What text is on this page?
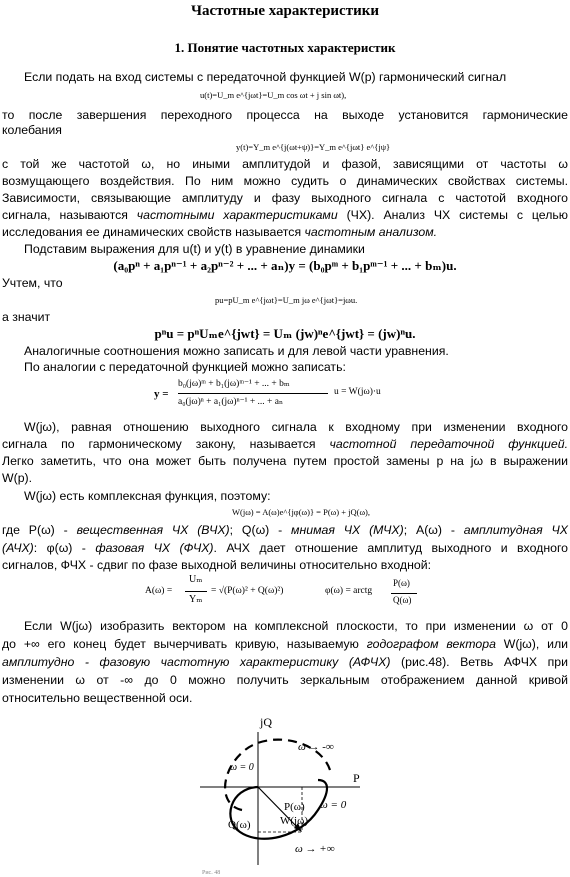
Частотные характеристики
1. Понятие частотных характеристик
Если подать на вход системы с передаточной функцией W(p) гармонический сигнал
u(t)=U_m e^{jωt}=U_m cos ωt + j sin ωt),
то после завершения переходного процесса на выходе установится гармонические
колебания
y(t)=Y_m e^{j(ωt+ψ)}=Y_m e^{jωt} e^{jψ}
с той же частотой ω, но иными амплитудой и фазой, зависящими от частоты ω
возмущающего воздействия. По ним можно судить о динамических свойствах системы.
Зависимости, связывающие амплитуду и фазу выходного сигнала с частотой входного
сигнала, называются частотными характеристиками (ЧХ). Анализ ЧХ системы с целью
исследования ее динамических свойств называется частотным анализом.
Подставим выражения для u(t) и y(t) в уравнение динамики
(a₀pⁿ + a₁pⁿ⁻¹ + a₂pⁿ⁻² + ... + aₙ)y = (b₀pᵐ + b₁pᵐ⁻¹ + ... + bₘ)u.
Учтем, что
pu=pU_m e^{jωt}=U_m jω e^{jωt}=jωu.
а значит
pⁿu = pⁿUₘe^{jwt} = Uₘ (jw)ⁿe^{jwt} = (jw)ⁿu.
Аналогичные соотношения можно записать и для левой части уравнения.
По аналогии с передаточной функцией можно записать:
y =
b₀(jω)ᵐ + b₁(jω)ᵐ⁻¹ + ... + bₘ
a₀(jω)ⁿ + a₁(jω)ⁿ⁻¹ + ... + aₙ
u = W(jω)·u
W(jω), равная отношению выходного сигнала к входному при изменении входного
сигнала по гармоническому закону, называется частотной передаточной функцией.
Легко заметить, что она может быть получена путем простой замены p на jω в выражении
W(p).
W(jω) есть комплексная функция, поэтому:
W(jω) = A(ω)e^{jφ(ω)} = P(ω) + jQ(ω),
где P(ω) - вещественная ЧХ (ВЧХ); Q(ω) - мнимая ЧХ (МЧХ); A(ω) - амплитудная ЧХ
(АЧХ): φ(ω) - фазовая ЧХ (ФЧХ). АЧХ дает отношение амплитуд выходного и входного
сигналов, ФЧХ - сдвиг по фазе выходной величины относительно входной:
A(ω) =
Uₘ
Yₘ
= √(P(ω)² + Q(ω)²)	φ(ω) = arctg
P(ω)
Q(ω)
Если W(jω) изобразить вектором на комплексной плоскости, то при изменении ω от 0
до +∞ его конец будет вычерчивать кривую, называемую годографом вектора W(jω), или
амплитудно - фазовую частотную характеристику (АФЧХ) (рис.48). Ветвь АФЧХ при
изменении ω от -∞ до 0 можно получить зеркальным отображением данной кривой
относительно вещественной оси.
jQ
P
ω → -∞
ω = 0
P(ω)
W(jω)
ω = 0
Q(ω)
ω → +∞
Рис. 48
